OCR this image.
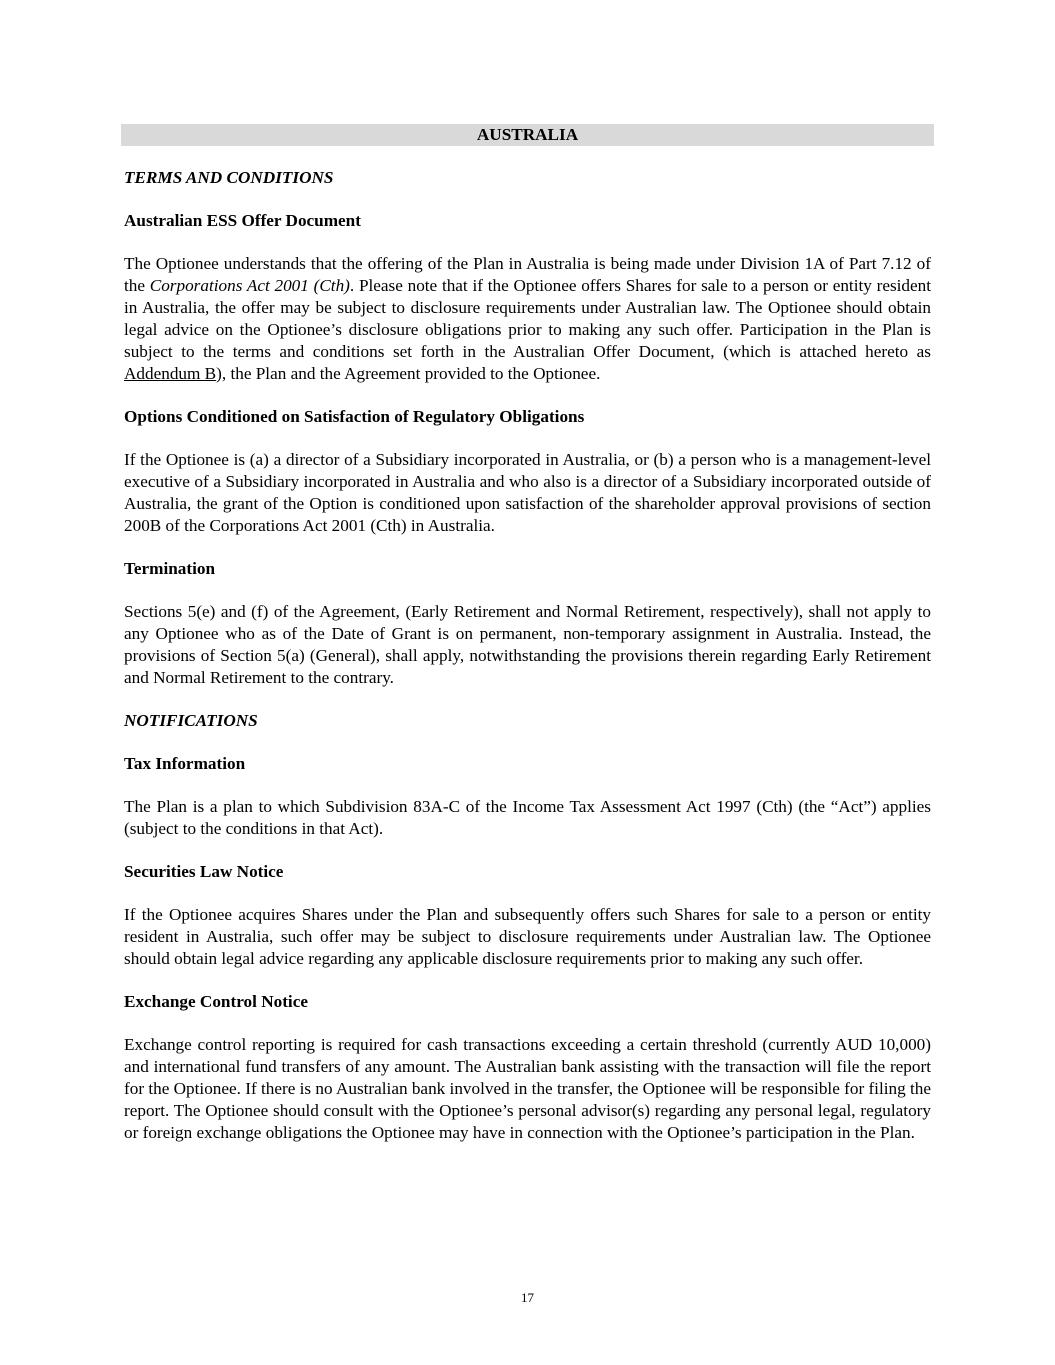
AUSTRALIA
TERMS AND CONDITIONS
Australian ESS Offer Document

The Optionee understands that the offering of the Plan in Australia is being made under Division 1A of Part 7.12 of the Corporations Act 2001 (Cth). Please note that if the Optionee offers Shares for sale to a person or entity resident in Australia, the offer may be subject to disclosure requirements under Australian law. The Optionee should obtain legal advice on the Optionee’s disclosure obligations prior to making any such offer. Participation in the Plan is subject to the terms and conditions set forth in the Australian Offer Document, (which is attached hereto as Addendum B), the Plan and the Agreement provided to the Optionee.

Options Conditioned on Satisfaction of Regulatory Obligations

If the Optionee is (a) a director of a Subsidiary incorporated in Australia, or (b) a person who is a management-level executive of a Subsidiary incorporated in Australia and who also is a director of a Subsidiary incorporated outside of Australia, the grant of the Option is conditioned upon satisfaction of the shareholder approval provisions of section 200B of the Corporations Act 2001 (Cth) in Australia.

Termination

Sections 5(e) and (f) of the Agreement, (Early Retirement and Normal Retirement, respectively), shall not apply to any Optionee who as of the Date of Grant is on permanent, non-temporary assignment in Australia. Instead, the provisions of Section 5(a) (General), shall apply, notwithstanding the provisions therein regarding Early Retirement and Normal Retirement to the contrary.

NOTIFICATIONS
Tax Information

The Plan is a plan to which Subdivision 83A-C of the Income Tax Assessment Act 1997 (Cth) (the “Act”) applies (subject to the conditions in that Act).

Securities Law Notice

If the Optionee acquires Shares under the Plan and subsequently offers such Shares for sale to a person or entity resident in Australia, such offer may be subject to disclosure requirements under Australian law. The Optionee should obtain legal advice regarding any applicable disclosure requirements prior to making any such offer.

Exchange Control Notice

Exchange control reporting is required for cash transactions exceeding a certain threshold (currently AUD 10,000) and international fund transfers of any amount. The Australian bank assisting with the transaction will file the report for the Optionee. If there is no Australian bank involved in the transfer, the Optionee will be responsible for filing the report. The Optionee should consult with the Optionee’s personal advisor(s) regarding any personal legal, regulatory or foreign exchange obligations the Optionee may have in connection with the Optionee’s participation in the Plan.

17
